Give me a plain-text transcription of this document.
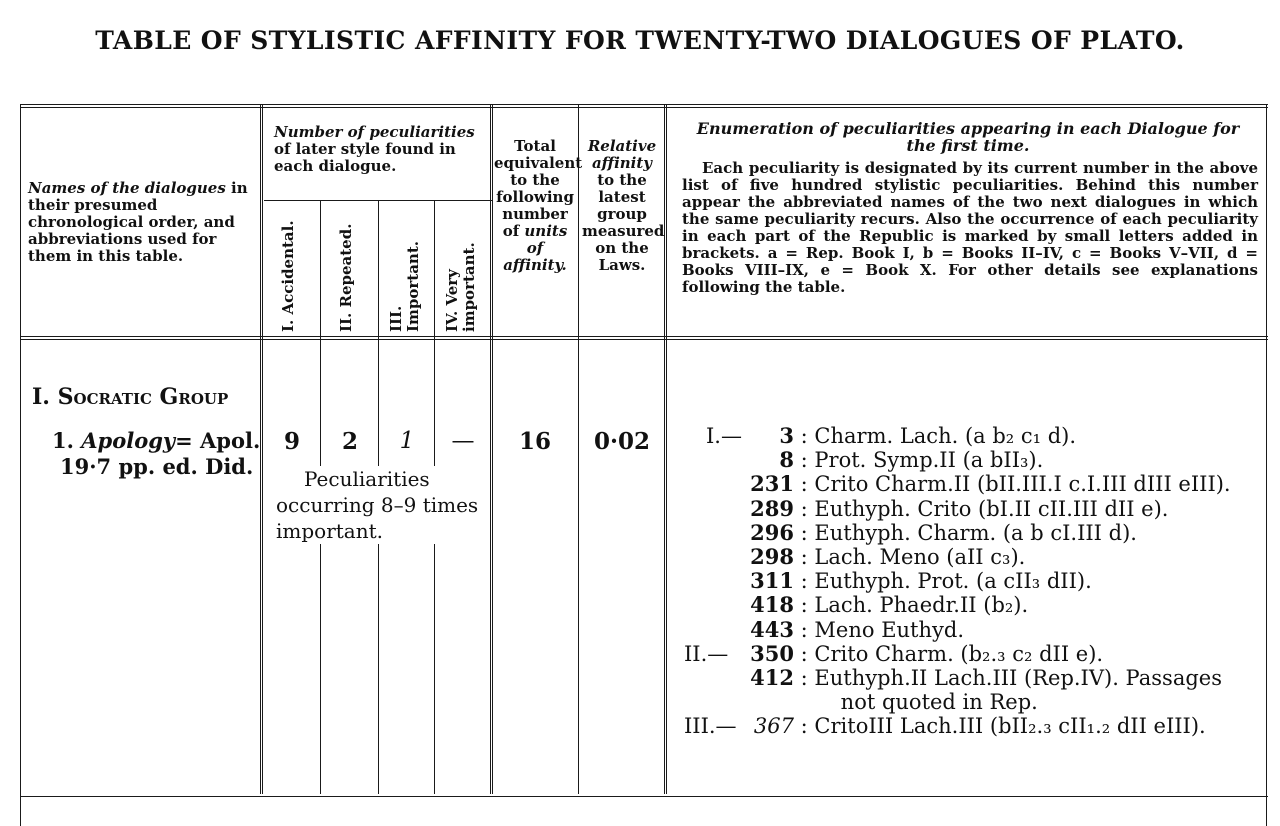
TABLE OF STYLISTIC AFFINITY FOR TWENTY-TWO DIALOGUES OF PLATO.
Names of the dialogues in their presumed chronological order, and abbreviations used for them in this table.
Number of peculiarities of later style found in each dialogue.
I. Accidental.	II. Repeated. III. Important. IV. Very important.
Total equivalent to the following number of units of affinity.
Relative affinity to the latest group measured on the Laws.
Enumeration of peculiarities appearing in each Dialogue for the first time.
Each peculiarity is designated by its current number in the above list of five hundred stylistic peculiarities. Behind this number appear the abbreviated names of the two next dialogues in which the same peculiarity recurs. Also the occurrence of each peculiarity in each part of the Republic is marked by small letters added in brackets. a = Rep. Book I, b = Books II–IV, c = Books V–VII, d = Books VIII–IX, e = Book X. For other details see explanations following the table.
I. Socratic Group
1. Apology= Apol.
19·7 pp. ed. Did.
9	2	1	—	16	0·02
Peculiarities occurring 8–9 times important.
I.— 3 : Charm. Lach. (a b₂ c₁ d).
8 : Prot. Symp.II (a bII₃).
231 : Crito Charm.II (bII.III.I c.I.III dIII eIII).
289 : Euthyph. Crito (bI.II cII.III dII e).
296 : Euthyph. Charm. (a b cI.III d).
298 : Lach. Meno (aII c₃).
311 : Euthyph. Prot. (a cII₃ dII).
418 : Lach. Phaedr.II (b₂).
443 : Meno Euthyd.
II.— 350 : Crito Charm. (b₂.₃ c₂ dII e).
412 : Euthyph.II Lach.III (Rep.IV). Passages
not quoted in Rep.
III.— 367 : CritoIII Lach.III (bII₂.₃ cII₁.₂ dII eIII).
